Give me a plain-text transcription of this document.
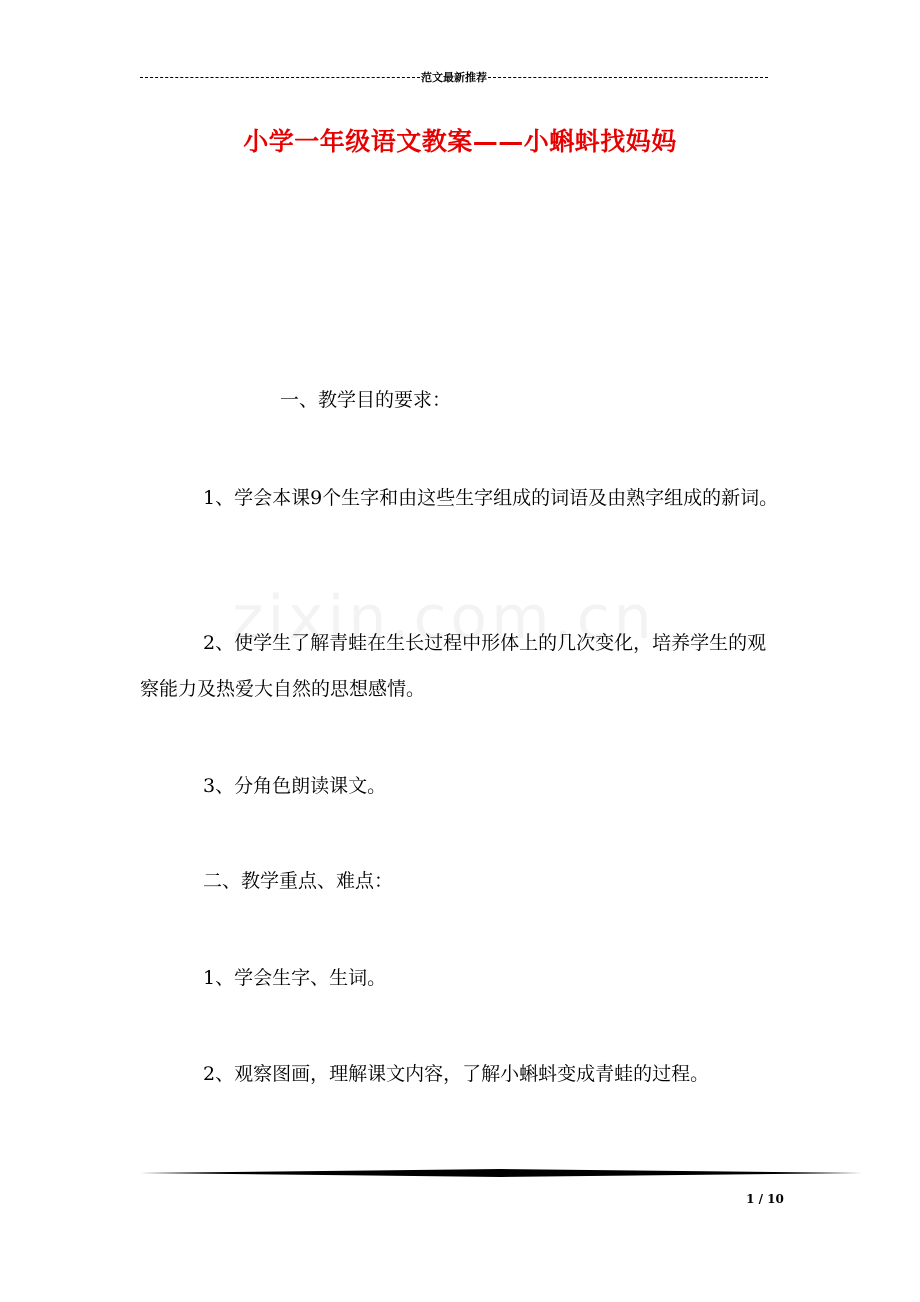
范文最新推荐
小学一年级语文教案——小蝌蚪找妈妈

一、教学目的要求：

1、学会本课9个生字和由这些生字组成的词语及由熟字组成的新词。

2、使学生了解青蛙在生长过程中形体上的几次变化，培养学生的观察能力及热爱大自然的思想感情。

3、分角色朗读课文。

二、教学重点、难点：

1、学会生字、生词。

2、观察图画，理解课文内容，了解小蝌蚪变成青蛙的过程。

1 / 10
